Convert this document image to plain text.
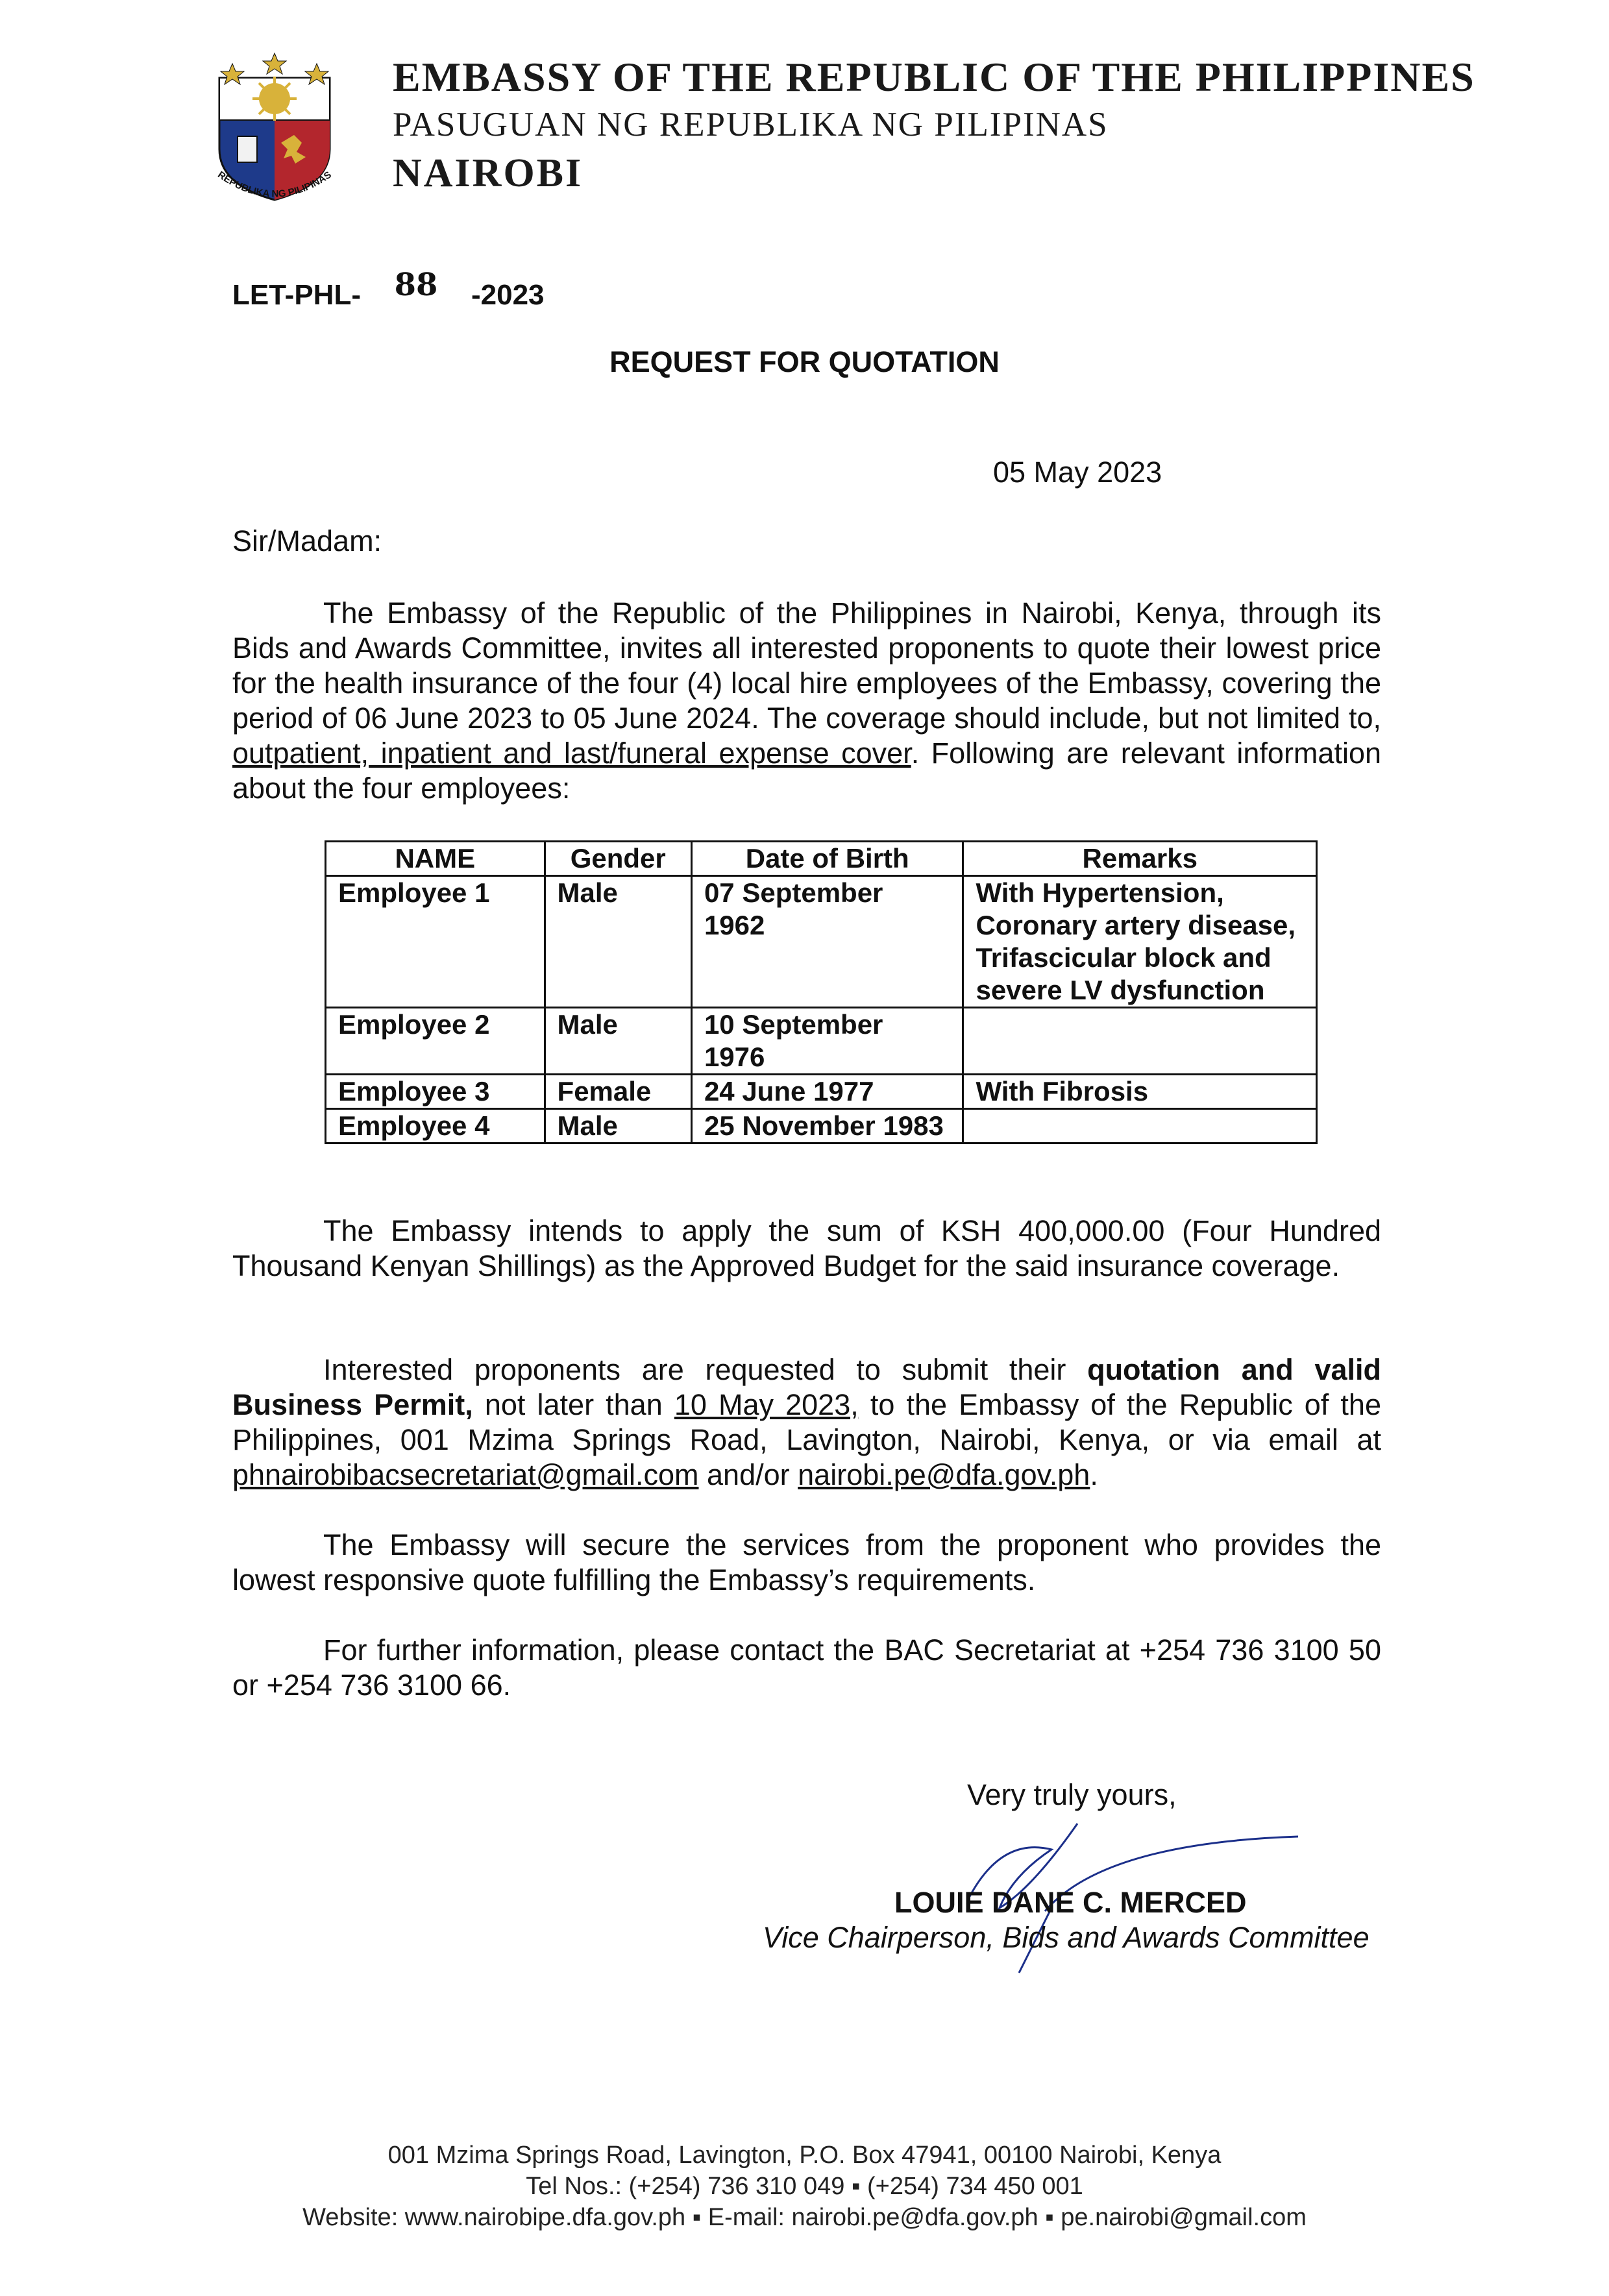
REPUBLIKA NG PILIPINAS
EMBASSY OF THE REPUBLIC OF THE PHILIPPINES
PASUGUAN NG REPUBLIKA NG PILIPINAS
NAIROBI
LET-PHL- 88 -2023
REQUEST FOR QUOTATION
05 May 2023
Sir/Madam:
The Embassy of the Republic of the Philippines in Nairobi, Kenya, through its Bids and Awards Committee, invites all interested proponents to quote their lowest price for the health insurance of the four (4) local hire employees of the Embassy, covering the period of 06 June 2023 to 05 June 2024. The coverage should include, but not limited to, outpatient, inpatient and last/funeral expense cover. Following are relevant information about the four employees:
NAME	Gender	Date of Birth	Remarks
Employee 1	Male	07 September 1962	With Hypertension, Coronary artery disease, Trifascicular block and severe LV dysfunction
Employee 2	Male	10 September 1976	
Employee 3	Female	24 June 1977	With Fibrosis
Employee 4	Male	25 November 1983	
The Embassy intends to apply the sum of KSH 400,000.00 (Four Hundred Thousand Kenyan Shillings) as the Approved Budget for the said insurance coverage.
Interested proponents are requested to submit their quotation and valid Business Permit, not later than 10 May 2023, to the Embassy of the Republic of the Philippines, 001 Mzima Springs Road, Lavington, Nairobi, Kenya, or via email at phnairobibacsecretariat@gmail.com and/or nairobi.pe@dfa.gov.ph.
The Embassy will secure the services from the proponent who provides the lowest responsive quote fulfilling the Embassy’s requirements.
For further information, please contact the BAC Secretariat at +254 736 3100 50 or +254 736 3100 66.
Very truly yours,
LOUIE DANE C. MERCED
Vice Chairperson, Bids and Awards Committee
001 Mzima Springs Road, Lavington, P.O. Box 47941, 00100 Nairobi, Kenya
Tel Nos.: (+254) 736 310 049 ▪ (+254) 734 450 001
Website: www.nairobipe.dfa.gov.ph ▪ E-mail: nairobi.pe@dfa.gov.ph ▪ pe.nairobi@gmail.com
